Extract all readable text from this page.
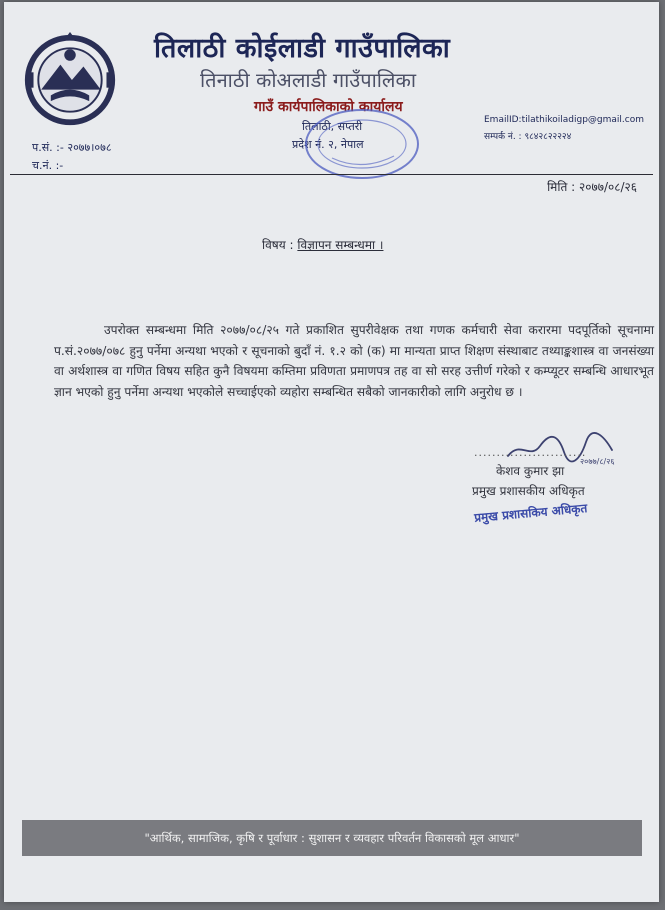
तिलाठी कोईलाडी गाउँपालिका
तिनाठी कोअलाडी गाउँपालिका
गाउँ कार्यपालिकाको कार्यालय
तिलाठी, सप्तरी
प्रदेश नं. २, नेपाल
EmailID:tilathikoiladigp@gmail.com
सम्पर्क नं. : ९८४२८२२२२४
प.सं. :- २०७७।०७८
च.नं. :-
मिति : २०७७/०८/२६
विषय : विज्ञापन सम्बन्धमा ।
उपरोक्त सम्बन्धमा मिति २०७७/०८/२५ गते प्रकाशित सुपरीवेक्षक तथा गणक कर्मचारी सेवा करारमा पदपूर्तिको सूचनामा प.सं.२०७७/०७८ हुनु पर्नेमा अन्यथा भएको र सूचनाको बुदाँ नं. १.२ को (क) मा मान्यता प्राप्त शिक्षण संस्थाबाट तथ्याङ्कशास्त्र वा जनसंख्या वा अर्थशास्त्र वा गणित विषय सहित कुनै विषयमा कम्तिमा प्रविणता प्रमाणपत्र तह वा सो सरह उत्तीर्ण गरेको र कम्प्यूटर सम्बन्धि आधारभूत ज्ञान भएको हुनु पर्नेमा अन्यथा भएकोले सच्चाईएको व्यहोरा सम्बन्धित सबैको जानकारीको लागि अनुरोध छ ।
२०७७/८/२६
.........................
केशव कुमार झा
प्रमुख प्रशासकीय अधिकृत
प्रमुख प्रशासकिय अधिकृत
"आर्थिक, सामाजिक, कृषि र पूर्वाधार : सुशासन र व्यवहार परिवर्तन विकासको मूल आधार"
